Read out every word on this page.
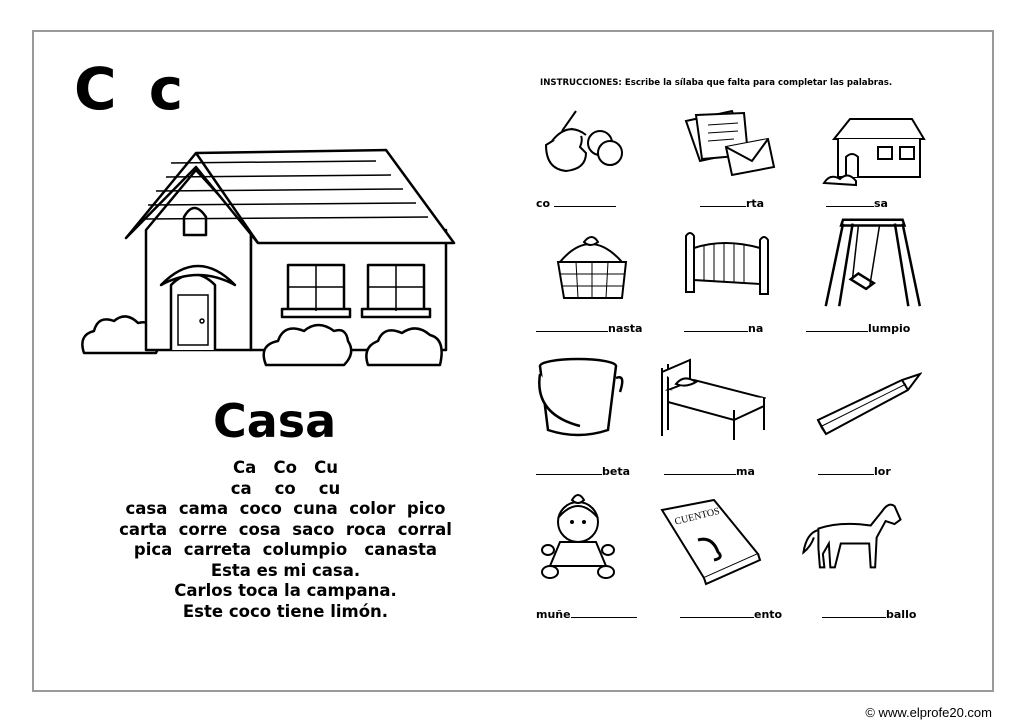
C c
Casa
Ca   Co   Cu
ca    co    cu
casa  cama  coco  cuna  color  pico
carta  corre  cosa  saco  roca  corral
pica  carreta  columpio   canasta
Esta es mi casa.
Carlos toca la campana.
Este coco tiene limón.
INSTRUCCIONES: Escribe la sílaba que falta para completar las palabras.
co	rta	sa
nasta	na	lumpio
beta	ma	lor
CUENTOS
muñe	ento	ballo
© www.elprofe20.com
